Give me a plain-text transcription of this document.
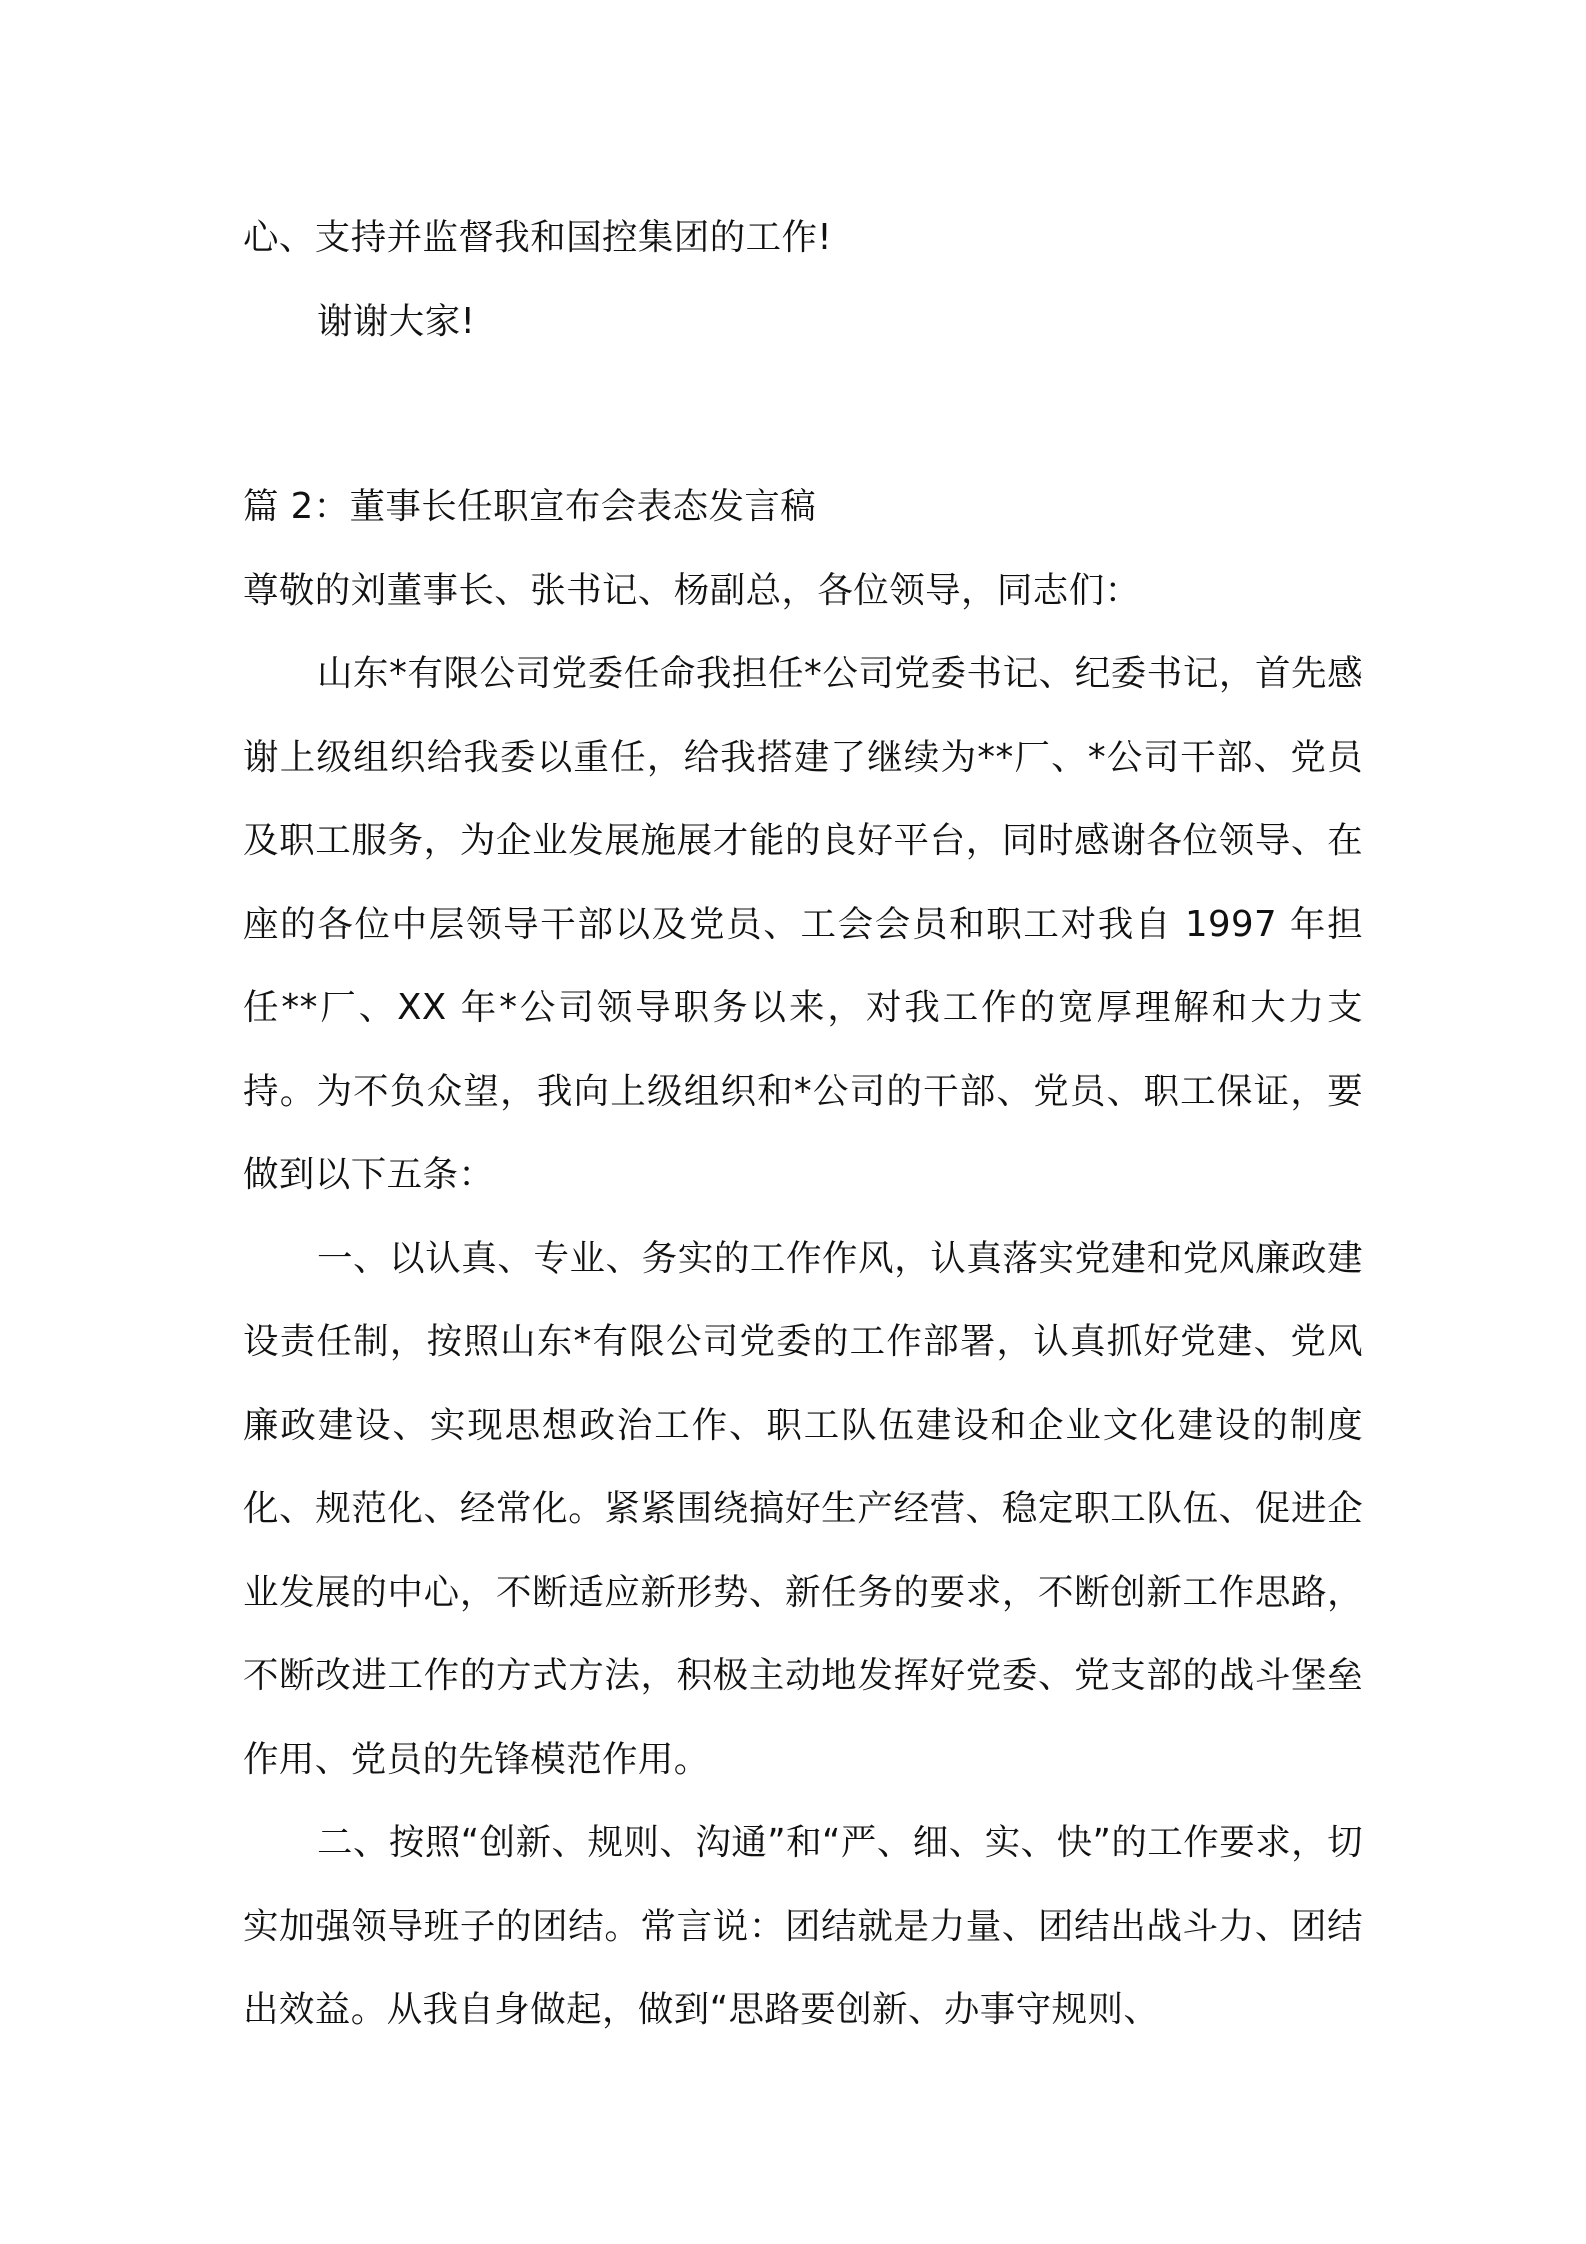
心、支持并监督我和国控集团的工作!

谢谢大家!

篇 2：董事长任职宣布会表态发言稿

尊敬的刘董事长、张书记、杨副总，各位领导，同志们：

山东*有限公司党委任命我担任*公司党委书记、纪委书记，首先感谢上级组织给我委以重任，给我搭建了继续为**厂、*公司干部、党员及职工服务，为企业发展施展才能的良好平台，同时感谢各位领导、在座的各位中层领导干部以及党员、工会会员和职工对我自 1997 年担任**厂、XX 年*公司领导职务以来，对我工作的宽厚理解和大力支持。为不负众望，我向上级组织和*公司的干部、党员、职工保证，要做到以下五条：

一、以认真、专业、务实的工作作风，认真落实党建和党风廉政建设责任制，按照山东*有限公司党委的工作部署，认真抓好党建、党风廉政建设、实现思想政治工作、职工队伍建设和企业文化建设的制度化、规范化、经常化。紧紧围绕搞好生产经营、稳定职工队伍、促进企业发展的中心，不断适应新形势、新任务的要求，不断创新工作思路，不断改进工作的方式方法，积极主动地发挥好党委、党支部的战斗堡垒作用、党员的先锋模范作用。

二、按照“创新、规则、沟通”和“严、细、实、快”的工作要求，切实加强领导班子的团结。常言说：团结就是力量、团结出战斗力、团结出效益。从我自身做起，做到“思路要创新、办事守规则、
